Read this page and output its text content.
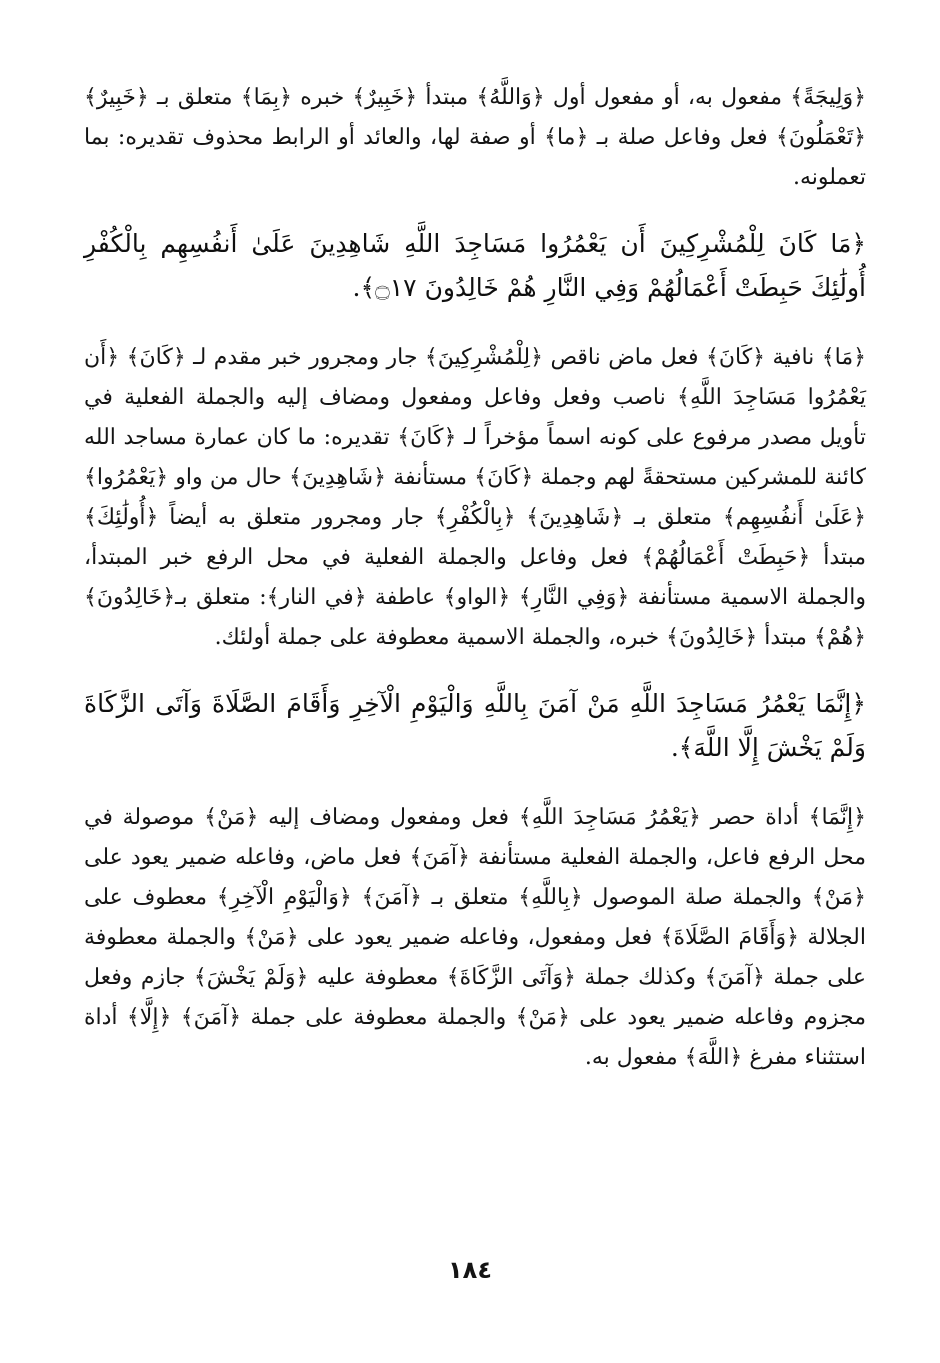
﴿وَلِيجَةً﴾ مفعول به، أو مفعول أول ﴿وَاللَّهُ﴾ مبتدأ ﴿خَبِيرٌ﴾ خبره ﴿بِمَا﴾ متعلق بـ ﴿خَبِيرٌ﴾ ﴿تَعْمَلُونَ﴾ فعل وفاعل صلة بـ ﴿ما﴾ أو صفة لها، والعائد أو الرابط محذوف تقديره: بما تعملونه.

﴿مَا كَانَ لِلْمُشْرِكِينَ أَن يَعْمُرُوا مَسَاجِدَ اللَّهِ شَاهِدِينَ عَلَىٰ أَنفُسِهِم بِالْكُفْرِ أُولَٰئِكَ حَبِطَتْ أَعْمَالُهُمْ وَفِي النَّارِ هُمْ خَالِدُونَ ۝١٧﴾.

﴿مَا﴾ نافية ﴿كَانَ﴾ فعل ماض ناقص ﴿لِلْمُشْرِكِينَ﴾ جار ومجرور خبر مقدم لـ ﴿كَانَ﴾ ﴿أَن يَعْمُرُوا مَسَاجِدَ اللَّهِ﴾ ناصب وفعل وفاعل ومفعول ومضاف إليه والجملة الفعلية في تأويل مصدر مرفوع على كونه اسماً مؤخراً لـ ﴿كَانَ﴾ تقديره: ما كان عمارة مساجد الله كائنة للمشركين مستحقةً لهم وجملة ﴿كَانَ﴾ مستأنفة ﴿شَاهِدِينَ﴾ حال من واو ﴿يَعْمُرُوا﴾ ﴿عَلَىٰ أَنفُسِهِم﴾ متعلق بـ ﴿شَاهِدِينَ﴾ ﴿بِالْكُفْرِ﴾ جار ومجرور متعلق به أيضاً ﴿أُولَٰئِكَ﴾ مبتدأ ﴿حَبِطَتْ أَعْمَالُهُمْ﴾ فعل وفاعل والجملة الفعلية في محل الرفع خبر المبتدأ، والجملة الاسمية مستأنفة ﴿وَفِي النَّارِ﴾ ﴿الواو﴾ عاطفة ﴿في النار﴾: متعلق بـ﴿خَالِدُونَ﴾ ﴿هُمْ﴾ مبتدأ ﴿خَالِدُونَ﴾ خبره، والجملة الاسمية معطوفة على جملة أولئك.

﴿إِنَّمَا يَعْمُرُ مَسَاجِدَ اللَّهِ مَنْ آمَنَ بِاللَّهِ وَالْيَوْمِ الْآخِرِ وَأَقَامَ الصَّلَاةَ وَآتَى الزَّكَاةَ وَلَمْ يَخْشَ إِلَّا اللَّهَ﴾.

﴿إِنَّمَا﴾ أداة حصر ﴿يَعْمُرُ مَسَاجِدَ اللَّهِ﴾ فعل ومفعول ومضاف إليه ﴿مَنْ﴾ موصولة في محل الرفع فاعل، والجملة الفعلية مستأنفة ﴿آمَنَ﴾ فعل ماض، وفاعله ضمير يعود على ﴿مَنْ﴾ والجملة صلة الموصول ﴿بِاللَّهِ﴾ متعلق بـ ﴿آمَنَ﴾ ﴿وَالْيَوْمِ الْآخِرِ﴾ معطوف على الجلالة ﴿وَأَقَامَ الصَّلَاةَ﴾ فعل ومفعول، وفاعله ضمير يعود على ﴿مَنْ﴾ والجملة معطوفة على جملة ﴿آمَنَ﴾ وكذلك جملة ﴿وَآتَى الزَّكَاةَ﴾ معطوفة عليه ﴿وَلَمْ يَخْشَ﴾ جازم وفعل مجزوم وفاعله ضمير يعود على ﴿مَنْ﴾ والجملة معطوفة على جملة ﴿آمَنَ﴾ ﴿إِلَّا﴾ أداة استثناء مفرغ ﴿اللَّهَ﴾ مفعول به.

١٨٤
